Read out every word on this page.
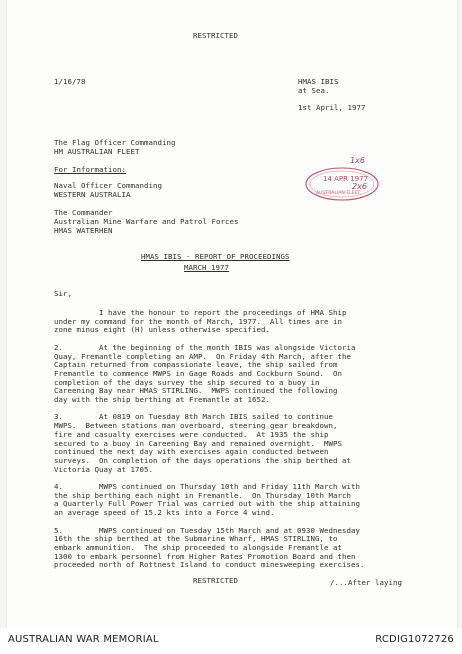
RESTRICTED

1/16/78	HMAS IBIS

at Sea.

1st April, 1977

The Flag Officer Commanding

HM AUSTRALIAN FLEET

For Information:

Naval Officer Commanding

WESTERN AUSTRALIA

The Commander

Australian Mine Warfare and Patrol Forces

HMAS WATERHEN

1x6
14 APR 1977
2x6
AUSTRALIAN FLEET

HMAS IBIS - REPORT OF PROCEEDINGS

MARCH 1977

Sir,

I have the honour to report the proceedings of HMA Ship

under my command for the month of March, 1977.  All times are in

zone minus eight (H) unless otherwise specified.

2.        At the beginning of the month IBIS was alongside Victoria

Quay, Fremantle completing an AMP.  On Friday 4th March, after the

Captain returned from compassionate leave, the ship sailed from

Fremantle to commence MWPS in Gage Roads and Cockburn Sound.  On

completion of the days survey the ship secured to a buoy in

Careening Bay near HMAS STIRLING.  MWPS continued the following

day with the ship berthing at Fremantle at 1652.

3.        At 0819 on Tuesday 8th March IBIS sailed to continue

MWPS.  Between stations man overboard, steering gear breakdown,

fire and casualty exercises were conducted.  At 1935 the ship

secured to a buoy in Careening Bay and remained overnight.  MWPS

continued the next day with exercises again conducted between

surveys.  On completion of the days operations the ship berthed at

Victoria Quay at 1705.

4.        MWPS continued on Thursday 10th and Friday 11th March with

the ship berthing each night in Fremantle.  On Thursday 10th March

a Quarterly Full Power Trial was carried out with the ship attaining

an average speed of 15.2 kts into a Force 4 wind.

5.        MWPS continued on Tuesday 15th March and at 0930 Wednesday

16th the ship berthed at the Submarine Wharf, HMAS STIRLING, to

embark ammunition.  The ship proceeded to alongside Fremantle at

1300 to embark personnel from Higher Rates Promotion Board and then

proceeded north of Rottnest Island to conduct minesweeping exercises.

RESTRICTED	/...After laying

AUSTRALIAN WAR MEMORIAL	RCDIG1072726
